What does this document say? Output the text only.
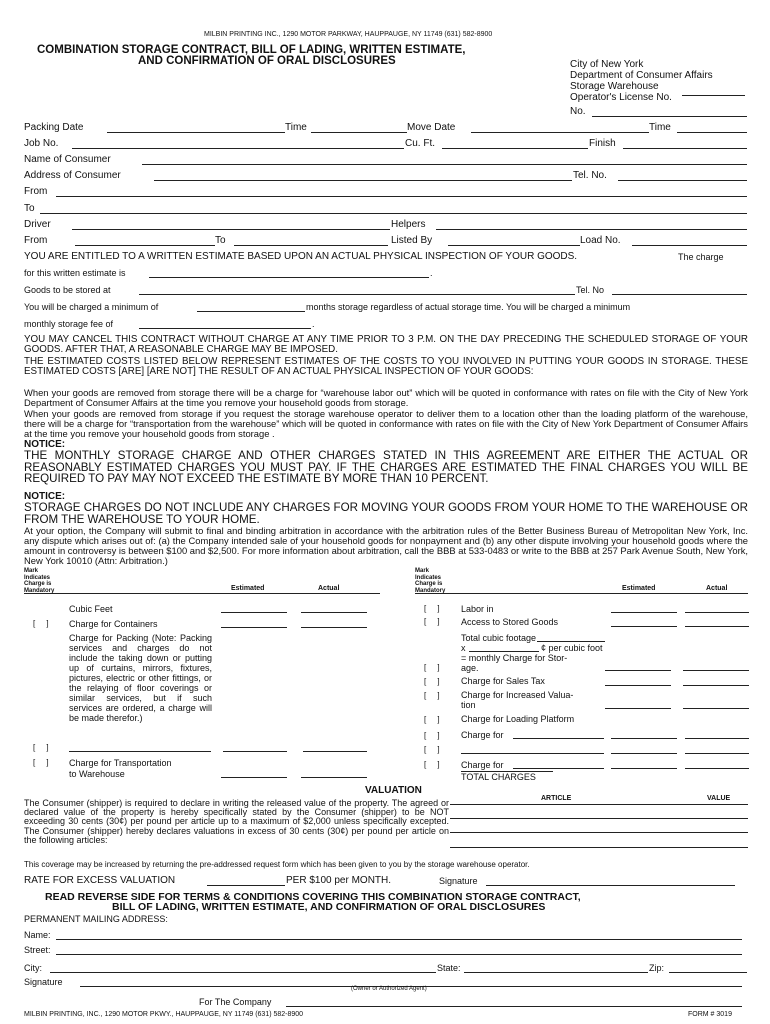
MILBIN PRINTING INC., 1290 MOTOR PARKWAY, HAUPPAUGE, NY 11749 (631) 582-8900
COMBINATION STORAGE CONTRACT, BILL OF LADING, WRITTEN ESTIMATE,
AND CONFIRMATION OF ORAL DISCLOSURES	City of New York
Department of Consumer Affairs
Storage Warehouse
Operator's License No.
No.
Packing Date	Time	Move Date	Time
Job No.	Cu. Ft.	Finish
Name of Consumer
Address of Consumer	Tel. No.
From
To
Driver	Helpers
From	To	Listed By	Load No.
YOU ARE ENTITLED TO A WRITTEN ESTIMATE BASED UPON AN ACTUAL PHYSICAL INSPECTION OF YOUR GOODS.	The charge
for this written estimate is	.
Goods to be stored at	Tel. No
You will be charged a minimum of	months storage regardless of actual storage time. You will be charged a minimum
monthly storage fee of	.
YOU MAY CANCEL THIS CONTRACT WITHOUT CHARGE AT ANY TIME PRIOR TO 3 P.M. ON THE DAY PRECEDING THE SCHEDULED STORAGE OF YOUR GOODS. AFTER THAT, A REASONABLE CHARGE MAY BE IMPOSED.
THE ESTIMATED COSTS LISTED BELOW REPRESENT ESTIMATES OF THE COSTS TO YOU INVOLVED IN PUTTING YOUR GOODS IN STORAGE. THESE ESTIMATED COSTS [ARE] [ARE NOT] THE RESULT OF AN ACTUAL PHYSICAL INSPECTION OF YOUR GOODS:
When your goods are removed from storage there will be a charge for “warehouse labor out” which will be quoted in conformance with rates on file with the City of New York Department of Consumer Affairs at the time you remove your household goods from storage.
When your goods are removed from storage if you request the storage warehouse operator to deliver them to a location other than the loading platform of the warehouse, there will be a charge for “transportation from the warehouse” which will be quoted in conformance with rates on file with the City of New York Department of Consumer Affairs at the time you remove your household goods from storage .
NOTICE:
THE MONTHLY STORAGE CHARGE AND OTHER CHARGES STATED IN THIS AGREEMENT ARE EITHER THE ACTUAL OR REASONABLY ESTIMATED CHARGES YOU MUST PAY. IF THE CHARGES ARE ESTIMATED THE FINAL CHARGES YOU WILL BE REQUIRED TO PAY MAY NOT EXCEED THE ESTIMATE BY MORE THAN 10 PERCENT.
NOTICE:
STORAGE CHARGES DO NOT INCLUDE ANY CHARGES FOR MOVING YOUR GOODS FROM YOUR HOME TO THE WAREHOUSE OR FROM THE WAREHOUSE TO YOUR HOME.
At your option, the Company will submit to final and binding arbitration in accordance with the arbitration rules of the Better Business Bureau of Metropolitan New York, Inc. any dispute which arises out of: (a) the Company intended sale of your household goods for nonpayment and (b) any other dispute involving your household goods where the amount in controversy is between $100 and $2,500. For more information about arbitration, call the BBB at 533-0483 or write to the BBB at 257 Park Avenue South, New York, New York 10010 (Attn: Arbitration.)
Mark
Indicates
Charge is
Mandatory	Estimated	Actual
Mark
Indicates
Charge is
Mandatory	Estimated	Actual
Cubic Feet
[     ] Charge for Containers
Charge for Packing (Note: Packing services and charges do not include the taking down or putting up of curtains, mirrors, fixtures, pictures, electric or other fittings, or the relaying of floor coverings or similar services, but if such services are ordered, a charge will be made therefor.)
[     ]
[     ] Charge for Transportation
to Warehouse
[     ] Labor in
[     ] Access to Stored Goods
Total cubic footage
x	¢ per cubic foot
= monthly Charge for Stor-
[     ] age.
[     ] Charge for Sales Tax
[     ] Charge for Increased Valua-
tion
[     ] Charge for Loading Platform
[     ] Charge for
[     ]
[     ] Charge for
TOTAL CHARGES
VALUATION
ARTICLE	VALUE
The Consumer (shipper) is required to declare in writing the released value of the property. The agreed or declared value of the property is hereby specifically stated by the Consumer (shipper) to be NOT exceeding 30 cents (30¢) per pound per article up to a maximum of $2,000 unless specifically excepted. The Consumer (shipper) hereby declares valuations in excess of 30 cents (30¢) per pound per article on the following articles:
This coverage may be increased by returning the pre-addressed request form which has been given to you by the storage warehouse operator.
RATE FOR EXCESS VALUATION	PER $100 per MONTH.	Signature
READ REVERSE SIDE FOR TERMS & CONDITIONS COVERING THIS COMBINATION STORAGE CONTRACT,
BILL OF LADING, WRITTEN ESTIMATE, AND CONFIRMATION OF ORAL DISCLOSURES
PERMANENT MAILING ADDRESS:
Name:
Street:
City:	State:	Zip:
Signature
(Owner or Authorized Agent)
For The Company
MILBIN PRINTING, INC., 1290 MOTOR PKWY., HAUPPAUGE, NY 11749 (631) 582-8900	FORM # 3019
